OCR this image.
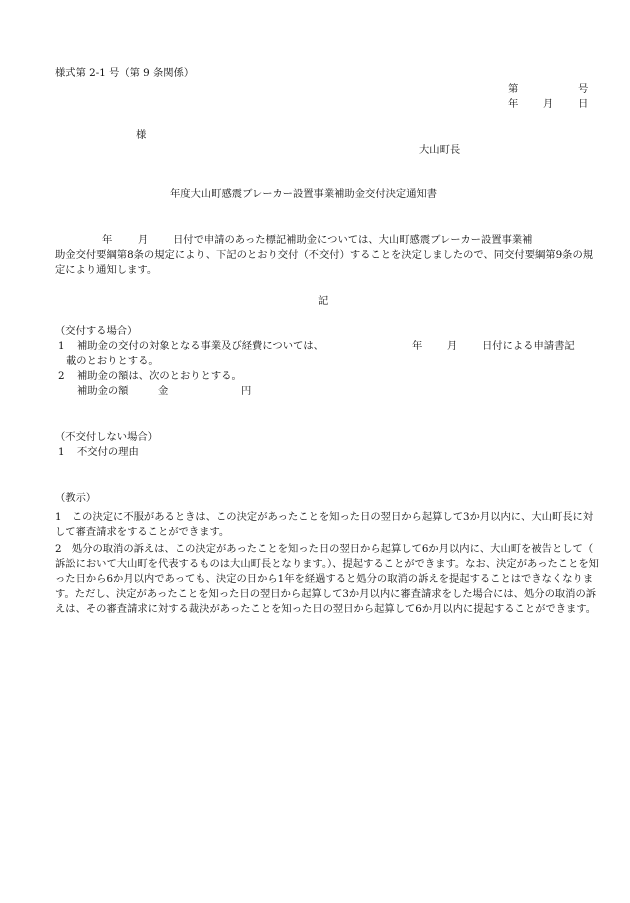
様式第 2-1 号（第 9 条関係）
第	号
年 月 日
様
大山町長
年度大山町感震ブレーカー設置事業補助金交付決定通知書
年 月 日付で申請のあった標記補助金については、大山町感震ブレーカー設置事業補
助金交付要綱第8条の規定により、下記のとおり交付（不交付）することを決定しましたので、同交付要綱第9条の規定により通知します。
記
（交付する場合）
1 補助金の交付の対象となる事業及び経費については、	年 月 日付による申請書記
載のとおりとする。
2 補助金の額は、次のとおりとする。
補助金の額	金	円
（不交付しない場合）
1 不交付の理由
（教示）
1　この決定に不服があるときは、この決定があったことを知った日の翌日から起算して3か月以内に、大山町長に対して審査請求をすることができます。
2　処分の取消の訴えは、この決定があったことを知った日の翌日から起算して6か月以内に、大山町を被告として（訴訟において大山町を代表するものは大山町長となります。）、提起することができます。なお、決定があったことを知った日から6か月以内であっても、決定の日から1年を経過すると処分の取消の訴えを提起することはできなくなります。ただし、決定があったことを知った日の翌日から起算して3か月以内に審査請求をした場合には、処分の取消の訴えは、その審査請求に対する裁決があったことを知った日の翌日から起算して6か月以内に提起することができます。
